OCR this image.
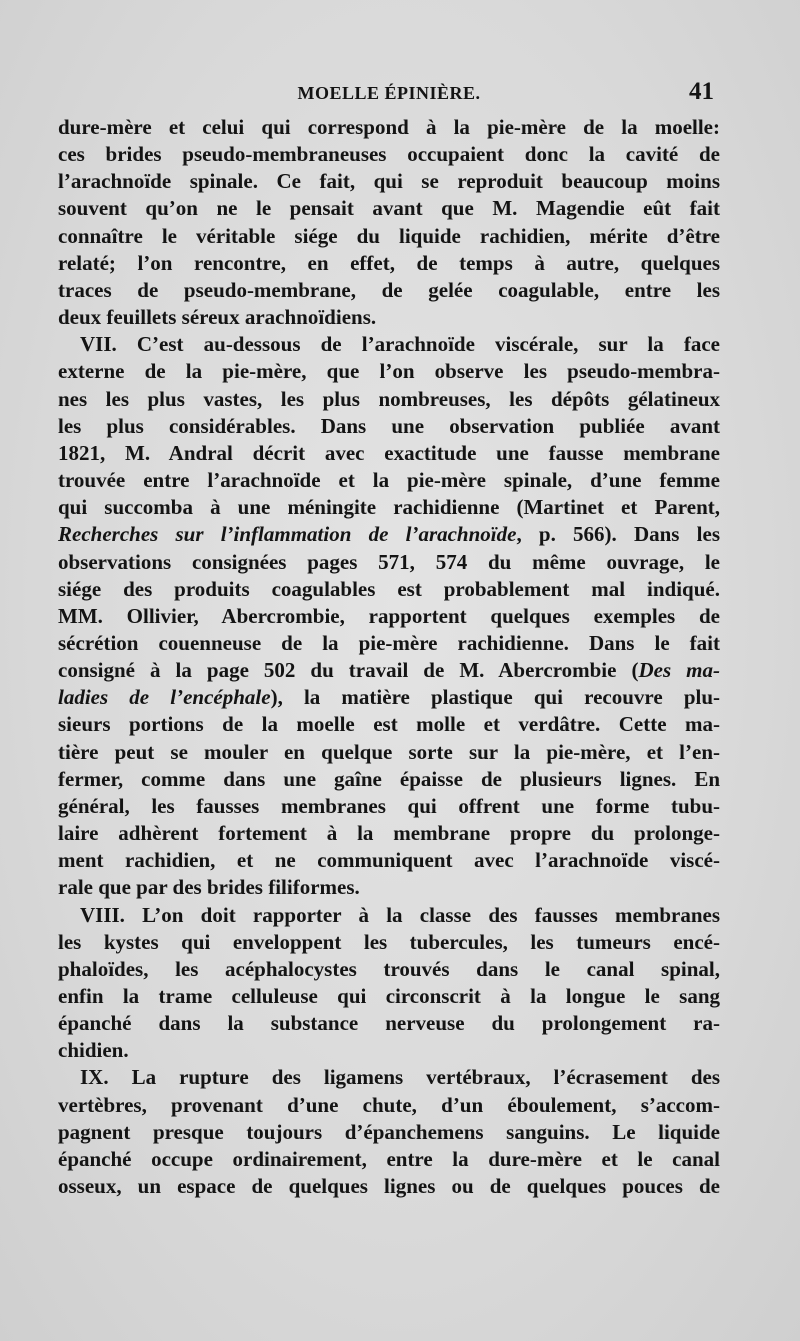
MOELLE ÉPINIÈRE.	41
dure-mère et celui qui correspond à la pie-mère de la moelle:
ces brides pseudo-membraneuses occupaient donc la cavité de
l’arachnoïde spinale. Ce fait, qui se reproduit beaucoup moins
souvent qu’on ne le pensait avant que M. Magendie eût fait
connaître le véritable siége du liquide rachidien, mérite d’être
relaté; l’on rencontre, en effet, de temps à autre, quelques
traces de pseudo-membrane, de gelée coagulable, entre les
deux feuillets séreux arachnoïdiens.
VII. C’est au-dessous de l’arachnoïde viscérale, sur la face
externe de la pie-mère, que l’on observe les pseudo-membra-
nes les plus vastes, les plus nombreuses, les dépôts gélatineux
les plus considérables. Dans une observation publiée avant
1821, M. Andral décrit avec exactitude une fausse membrane
trouvée entre l’arachnoïde et la pie-mère spinale, d’une femme
qui succomba à une méningite rachidienne (Martinet et Parent,
Recherches sur l’inflammation de l’arachnoïde, p. 566). Dans les
observations consignées pages 571, 574 du même ouvrage, le
siége des produits coagulables est probablement mal indiqué.
MM. Ollivier, Abercrombie, rapportent quelques exemples de
sécrétion couenneuse de la pie-mère rachidienne. Dans le fait
consigné à la page 502 du travail de M. Abercrombie (Des ma-
ladies de l’encéphale), la matière plastique qui recouvre plu-
sieurs portions de la moelle est molle et verdâtre. Cette ma-
tière peut se mouler en quelque sorte sur la pie-mère, et l’en-
fermer, comme dans une gaîne épaisse de plusieurs lignes. En
général, les fausses membranes qui offrent une forme tubu-
laire adhèrent fortement à la membrane propre du prolonge-
ment rachidien, et ne communiquent avec l’arachnoïde viscé-
rale que par des brides filiformes.
VIII. L’on doit rapporter à la classe des fausses membranes
les kystes qui enveloppent les tubercules, les tumeurs encé-
phaloïdes, les acéphalocystes trouvés dans le canal spinal,
enfin la trame celluleuse qui circonscrit à la longue le sang
épanché dans la substance nerveuse du prolongement ra-
chidien.
IX. La rupture des ligamens vertébraux, l’écrasement des
vertèbres, provenant d’une chute, d’un éboulement, s’accom-
pagnent presque toujours d’épanchemens sanguins. Le liquide
épanché occupe ordinairement, entre la dure-mère et le canal
osseux, un espace de quelques lignes ou de quelques pouces de
